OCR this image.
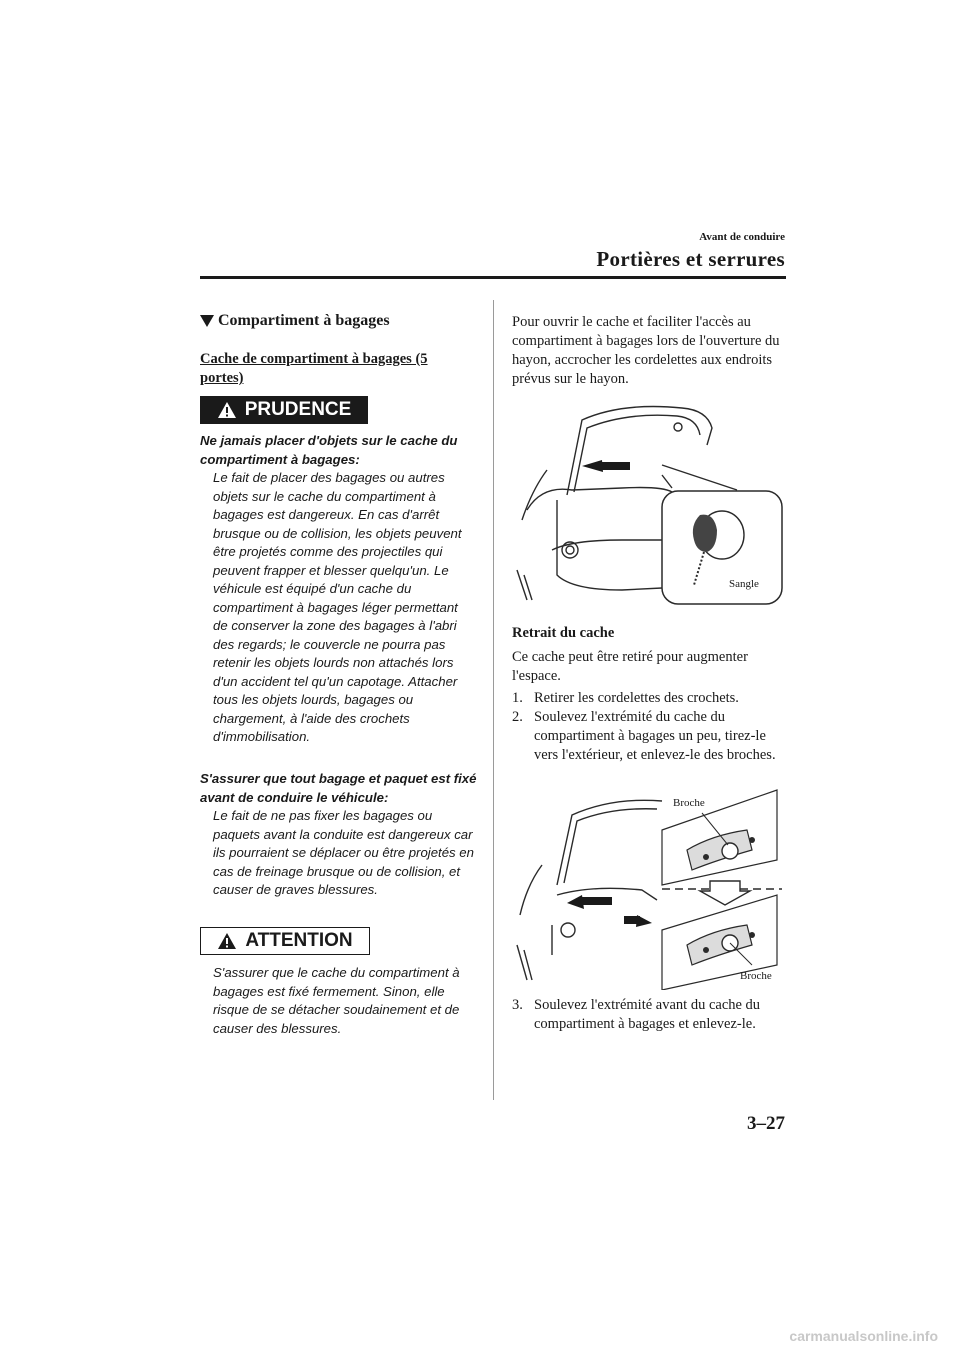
Avant de conduire
Portières et serrures
Compartiment à bagages
Cache de compartiment à bagages (5 portes)
PRUDENCE
Ne jamais placer d'objets sur le cache du compartiment à bagages:
Le fait de placer des bagages ou autres objets sur le cache du compartiment à bagages est dangereux. En cas d'arrêt brusque ou de collision, les objets peuvent être projetés comme des projectiles qui peuvent frapper et blesser quelqu'un. Le véhicule est équipé d'un cache du compartiment à bagages léger permettant de conserver la zone des bagages à l'abri des regards; le couvercle ne pourra pas retenir les objets lourds non attachés lors d'un accident tel qu'un capotage. Attacher tous les objets lourds, bagages ou chargement, à l'aide des crochets d'immobilisation.
S'assurer que tout bagage et paquet est fixé avant de conduire le véhicule:
Le fait de ne pas fixer les bagages ou paquets avant la conduite est dangereux car ils pourraient se déplacer ou être projetés en cas de freinage brusque ou de collision, et causer de graves blessures.
ATTENTION
S'assurer que le cache du compartiment à bagages est fixé fermement. Sinon, elle risque de se détacher soudainement et de causer des blessures.
Pour ouvrir le cache et faciliter l'accès au compartiment à bagages lors de l'ouverture du hayon, accrocher les cordelettes aux endroits prévus sur le hayon.
Sangle
Retrait du cache
Ce cache peut être retiré pour augmenter l'espace.
1. Retirer les cordelettes des crochets.
2. Soulevez l'extrémité du cache du compartiment à bagages un peu, tirez-le vers l'extérieur, et enlevez-le des broches.
Broche
Broche
3. Soulevez l'extrémité avant du cache du compartiment à bagages et enlevez-le.
3–27
carmanualsonline.info
